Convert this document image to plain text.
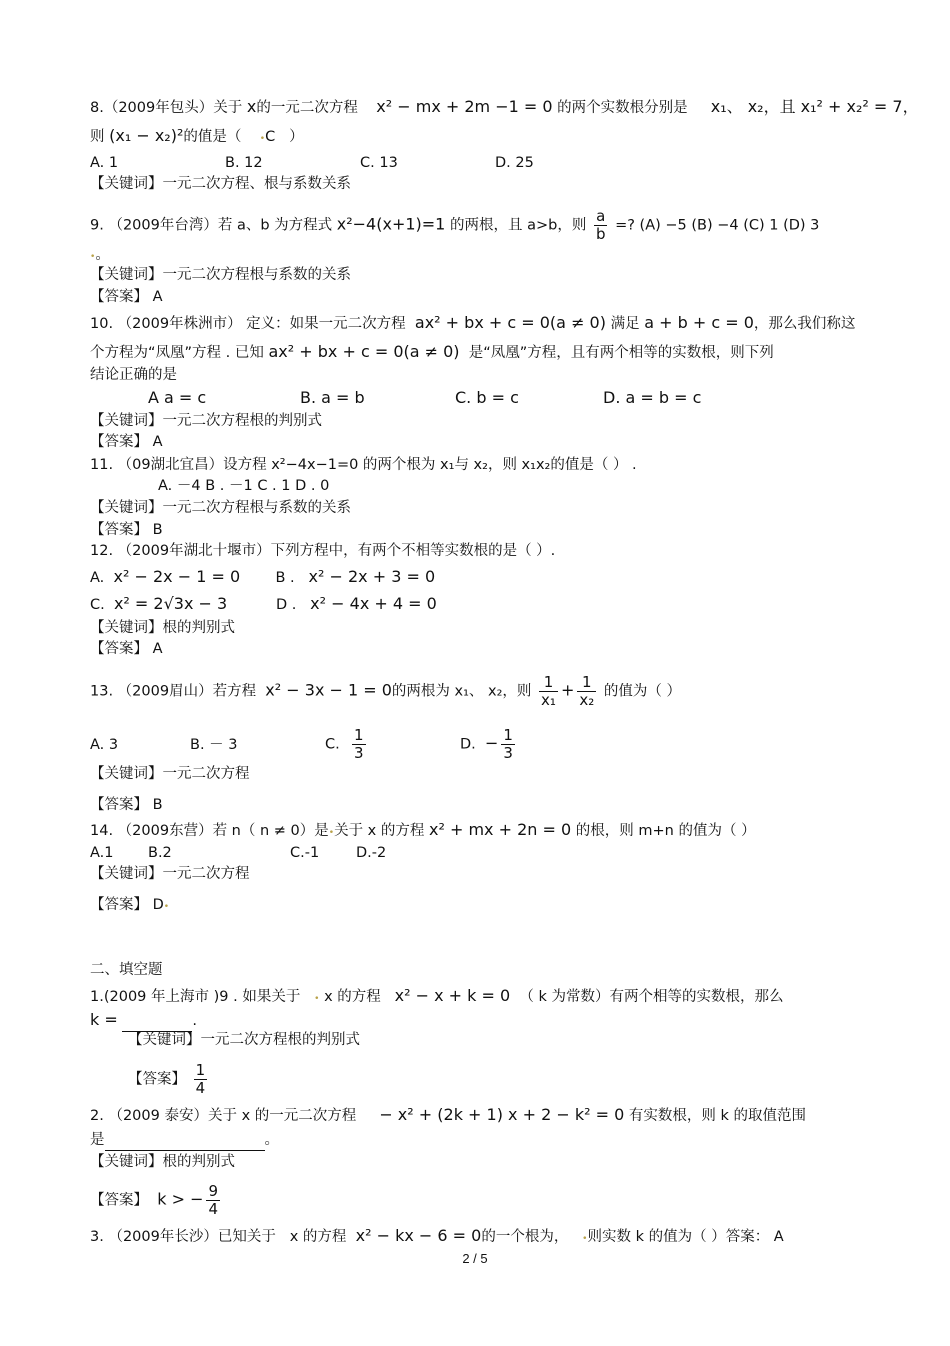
8.（2009年包头）关于 x的一元二次方程 x² − mx + 2m −1 = 0 的两个实数根分别是 x₁、 x₂，且 x₁² + x₂² = 7，
则 (x₁ − x₂)²的值是（ •C ）
A. 1	B. 12	C. 13	D. 25
【关键词】一元二次方程、根与系数关系
9. （2009年台湾）若 a、b 为方程式 x²−4(x+1)=1 的两根，且 a>b，则 $\frac{a}{b}$ =? (A) −5 (B) −4 (C) 1 (D) 3
•。
【关键词】一元二次方程根与系数的关系
【答案】 A
10. （2009年株洲市） 定义：如果一元二次方程 ax² + bx + c = 0(a ≠ 0) 满足 a + b + c = 0，那么我们称这
个方程为“凤凰”方程 . 已知 ax² + bx + c = 0(a ≠ 0) 是“凤凰”方程，且有两个相等的实数根，则下列
结论正确的是
A a = c	B. a = b	C. b = c	D. a = b = c
【关键词】一元二次方程根的判别式
【答案】 A
11. （09湖北宜昌）设方程 x²−4x−1=0 的两个根为 x₁与 x₂，则 x₁x₂的值是（ ） .
A. －4 B . －1 C . 1 D . 0
【关键词】一元二次方程根与系数的关系
【答案】 B
12. （2009年湖北十堰市）下列方程中，有两个不相等实数根的是（ ）.
A. x² − 2x − 1 = 0 B . x² − 2x + 3 = 0
C. x² = 2√3x − 3	D . x² − 4x + 4 = 0
【关键词】根的判别式
【答案】 A
13. （2009眉山）若方程 x² − 3x − 1 = 0的两根为 x₁、 x₂，则 $\frac{1}{\text{x₁}} + \frac{1}{\text{x₂}}$ 的值为（ ）
A. 3	B. － 3	C. $\frac{1}{3}$	D. − $\frac{1}{3}$
【关键词】一元二次方程
【答案】 B
14. （2009东营）若 n（ n ≠ 0）是•关于 x 的方程 x² + mx + 2n = 0 的根，则 m+n 的值为（ ）
A.1 B.2	C.-1	D.-2
【关键词】一元二次方程
【答案】 D•
二、填空题
1.(2009 年上海市 )9 . 如果关于 • x 的方程 x² − x + k = 0 （ k 为常数）有两个相等的实数根，那么
k =	.
【关键词】一元二次方程根的判别式
【答案】 $\frac{1}{4}$
2. （2009 泰安）关于 x 的一元二次方程 − x² + (2k + 1) x + 2 − k² = 0 有实数根，则 k 的取值范围
是	。
【关键词】根的判别式
【答案】 k > − $\frac{9}{4}$
3. （2009年长沙）已知关于 x 的方程 x² − kx − 6 = 0的一个根为， •则实数 k 的值为（ ）答案： A
2 / 5
